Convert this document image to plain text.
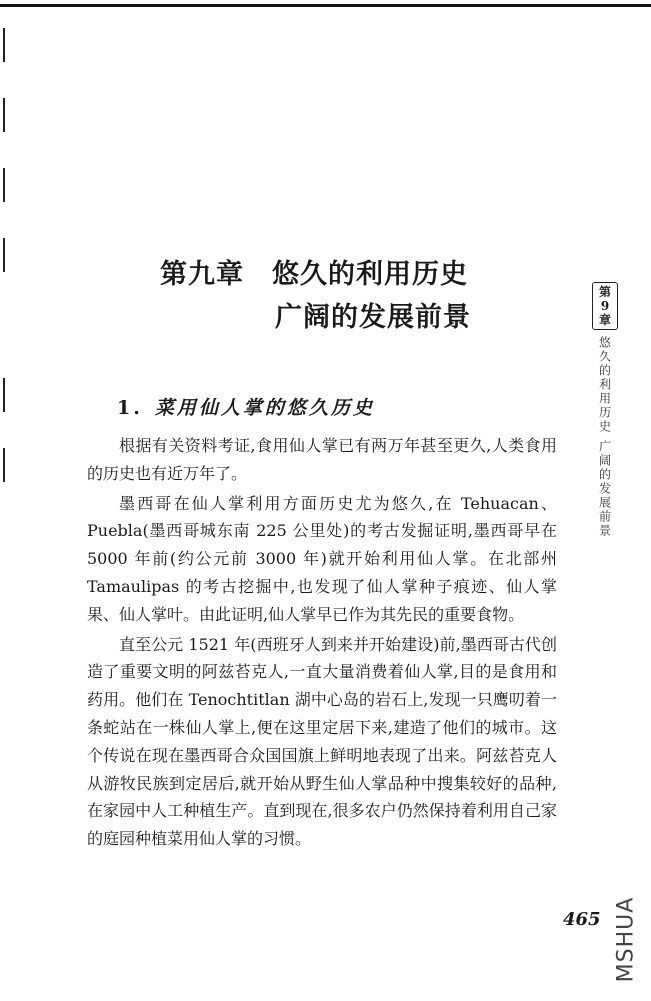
第九章 悠久的利用历史
广阔的发展前景
1. 菜用仙人掌的悠久历史

根据有关资料考证,食用仙人掌已有两万年甚至更久,人类食用的历史也有近万年了。

墨西哥在仙人掌利用方面历史尤为悠久,在 Tehuacan、Puebla(墨西哥城东南 225 公里处)的考古发掘证明,墨西哥早在 5000 年前(约公元前 3000 年)就开始利用仙人掌。在北部州 Tamaulipas 的考古挖掘中,也发现了仙人掌种子痕迹、仙人掌果、仙人掌叶。由此证明,仙人掌早已作为其先民的重要食物。

直至公元 1521 年(西班牙人到来并开始建设)前,墨西哥古代创造了重要文明的阿兹苔克人,一直大量消费着仙人掌,目的是食用和药用。他们在 Tenochtitlan 湖中心岛的岩石上,发现一只鹰叨着一条蛇站在一株仙人掌上,便在这里定居下来,建造了他们的城市。这个传说在现在墨西哥合众国国旗上鲜明地表现了出来。阿兹苔克人从游牧民族到定居后,就开始从野生仙人掌品种中搜集较好的品种,在家园中人工种植生产。直到现在,很多农户仍然保持着利用自己家的庭园种植菜用仙人掌的习惯。

第
9
章
悠久的利用历史 广阔的发展前景
465 MSHUA
